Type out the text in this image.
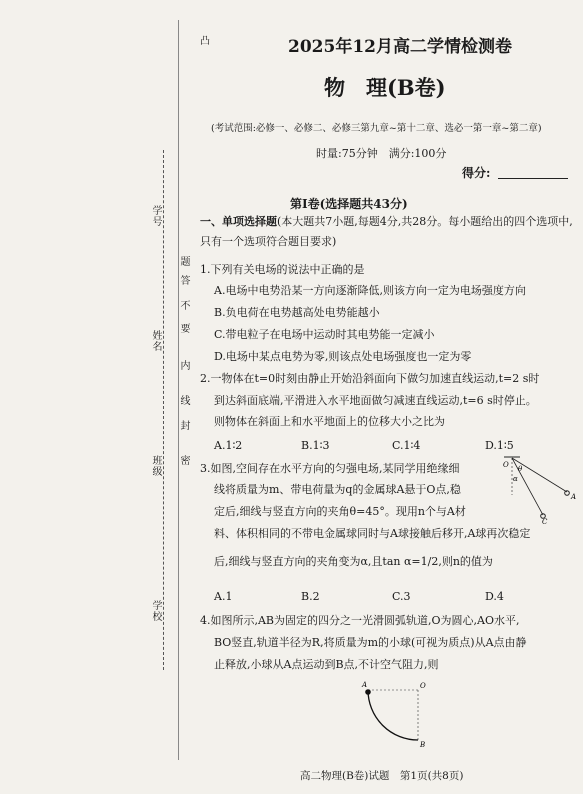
学号
姓名
班级
学校
不
要
答
题
密
封
线
内
凸	2025年12月高二学情检测卷
物　理(B卷)
(考试范围:必修一、必修二、必修三第九章~第十二章、选必一第一章~第二章)
时量:75分钟　满分:100分
得分:
第Ⅰ卷(选择题共43分)
一、单项选择题(本大题共7小题,每题4分,共28分。每小题给出的四个选项中,只有一个选项符合题目要求)
1.下列有关电场的说法中正确的是
A.电场中电势沿某一方向逐渐降低,则该方向一定为电场强度方向
B.负电荷在电势越高处电势能越小
C.带电粒子在电场中运动时其电势能一定减小
D.电场中某点电势为零,则该点处电场强度也一定为零
2.一物体在t=0时刻由静止开始沿斜面向下做匀加速直线运动,t=2 s时
到达斜面底端,平滑进入水平地面做匀减速直线运动,t=6 s时停止。
则物体在斜面上和水平地面上的位移大小之比为
A.1∶2	B.1∶3	C.1∶4	D.1∶5
3.如图,空间存在水平方向的匀强电场,某同学用绝缘细
线将质量为m、带电荷量为q的金属球A悬于O点,稳
定后,细线与竖直方向的夹角θ=45°。现用n个与A材
料、体积相同的不带电金属球同时与A球接触后移开,A球再次稳定
后,细线与竖直方向的夹角变为α,且tan α=1/2,则n的值为
A.1	B.2	C.3	D.4
O θ
α
A
C
4.如图所示,AB为固定的四分之一光滑圆弧轨道,O为圆心,AO水平,
BO竖直,轨道半径为R,将质量为m的小球(可视为质点)从A点由静
止释放,小球从A点运动到B点,不计空气阻力,则
A	O
B
高二物理(B卷)试题　第1页(共8页)
